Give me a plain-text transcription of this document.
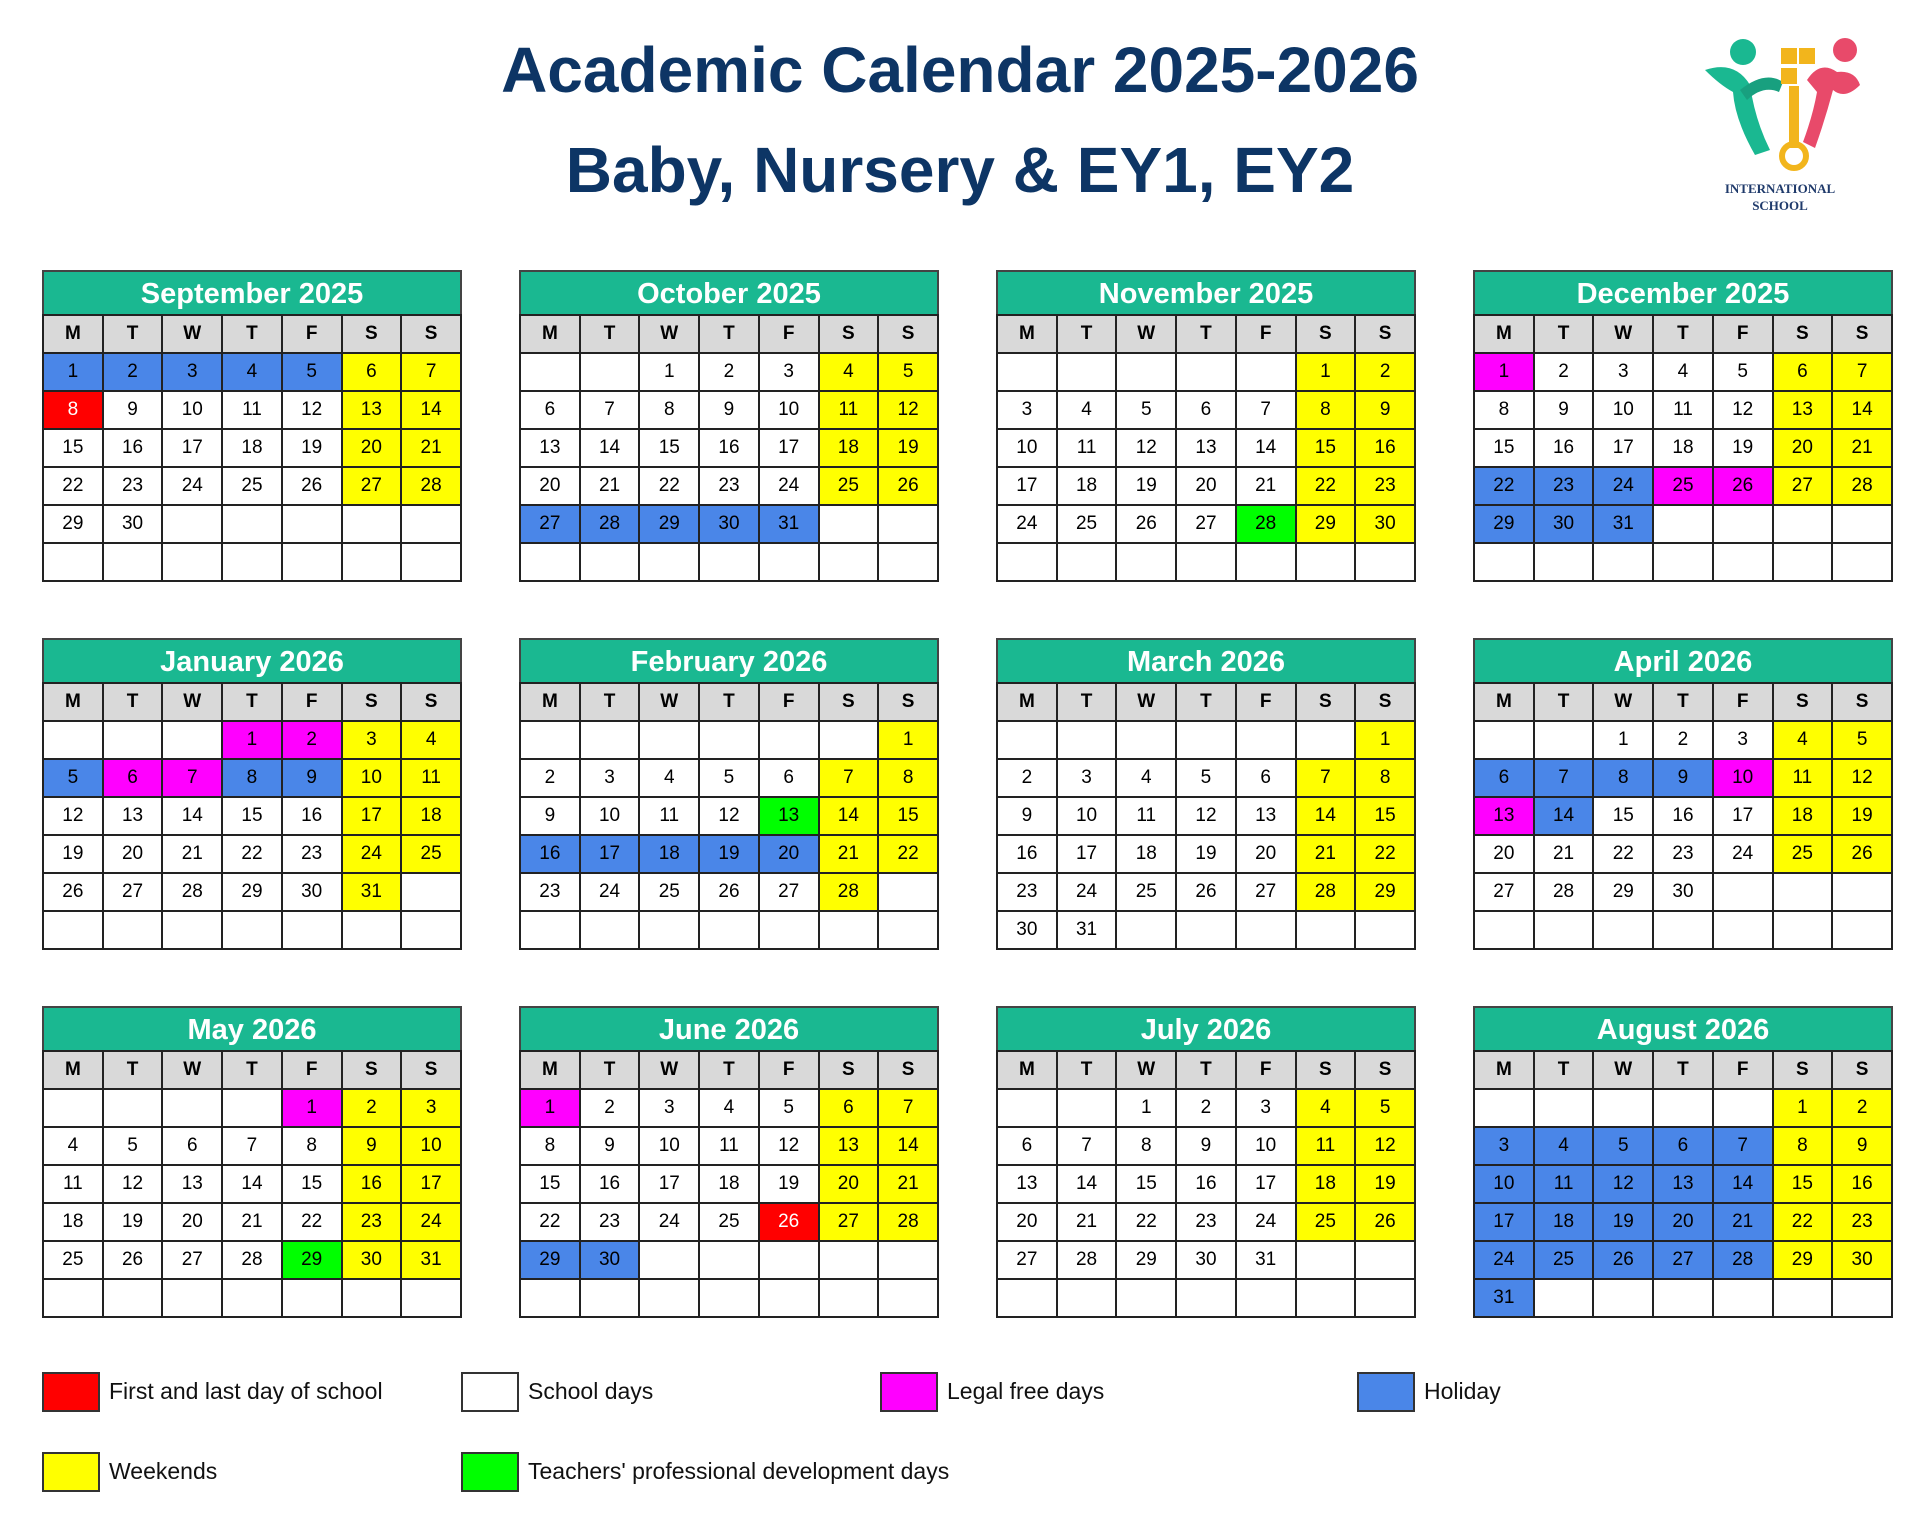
Academic Calendar 2025-2026
Baby, Nursery & EY1, EY2	INTERNATIONAL
SCHOOL
September 2025
M	T	W	T	F	S	S
1	2	3	4	5	6	7
8	9	10	11	12	13	14
15	16	17	18	19	20	21
22	23	24	25	26	27	28
29	30					

October 2025
M	T	W	T	F	S	S
		1	2	3	4	5
6	7	8	9	10	11	12
13	14	15	16	17	18	19
20	21	22	23	24	25	26
27	28	29	30	31		

November 2025
M	T	W	T	F	S	S
					1	2
3	4	5	6	7	8	9
10	11	12	13	14	15	16
17	18	19	20	21	22	23
24	25	26	27	28	29	30

December 2025
M	T	W	T	F	S	S
1	2	3	4	5	6	7
8	9	10	11	12	13	14
15	16	17	18	19	20	21
22	23	24	25	26	27	28
29	30	31				

January 2026
M	T	W	T	F	S	S
			1	2	3	4
5	6	7	8	9	10	11
12	13	14	15	16	17	18
19	20	21	22	23	24	25
26	27	28	29	30	31	

February 2026
M	T	W	T	F	S	S
						1
2	3	4	5	6	7	8
9	10	11	12	13	14	15
16	17	18	19	20	21	22
23	24	25	26	27	28	

March 2026
M	T	W	T	F	S	S
						1
2	3	4	5	6	7	8
9	10	11	12	13	14	15
16	17	18	19	20	21	22
23	24	25	26	27	28	29
30	31					
April 2026
M	T	W	T	F	S	S
		1	2	3	4	5
6	7	8	9	10	11	12
13	14	15	16	17	18	19
20	21	22	23	24	25	26
27	28	29	30			

May 2026
M	T	W	T	F	S	S
				1	2	3
4	5	6	7	8	9	10
11	12	13	14	15	16	17
18	19	20	21	22	23	24
25	26	27	28	29	30	31

June 2026
M	T	W	T	F	S	S
1	2	3	4	5	6	7
8	9	10	11	12	13	14
15	16	17	18	19	20	21
22	23	24	25	26	27	28
29	30					

July 2026
M	T	W	T	F	S	S
		1	2	3	4	5
6	7	8	9	10	11	12
13	14	15	16	17	18	19
20	21	22	23	24	25	26
27	28	29	30	31		

August 2026
M	T	W	T	F	S	S
					1	2
3	4	5	6	7	8	9
10	11	12	13	14	15	16
17	18	19	20	21	22	23
24	25	26	27	28	29	30
31						
First and last day of school	School days	Legal free days	Holiday
Weekends	Teachers' professional development days
